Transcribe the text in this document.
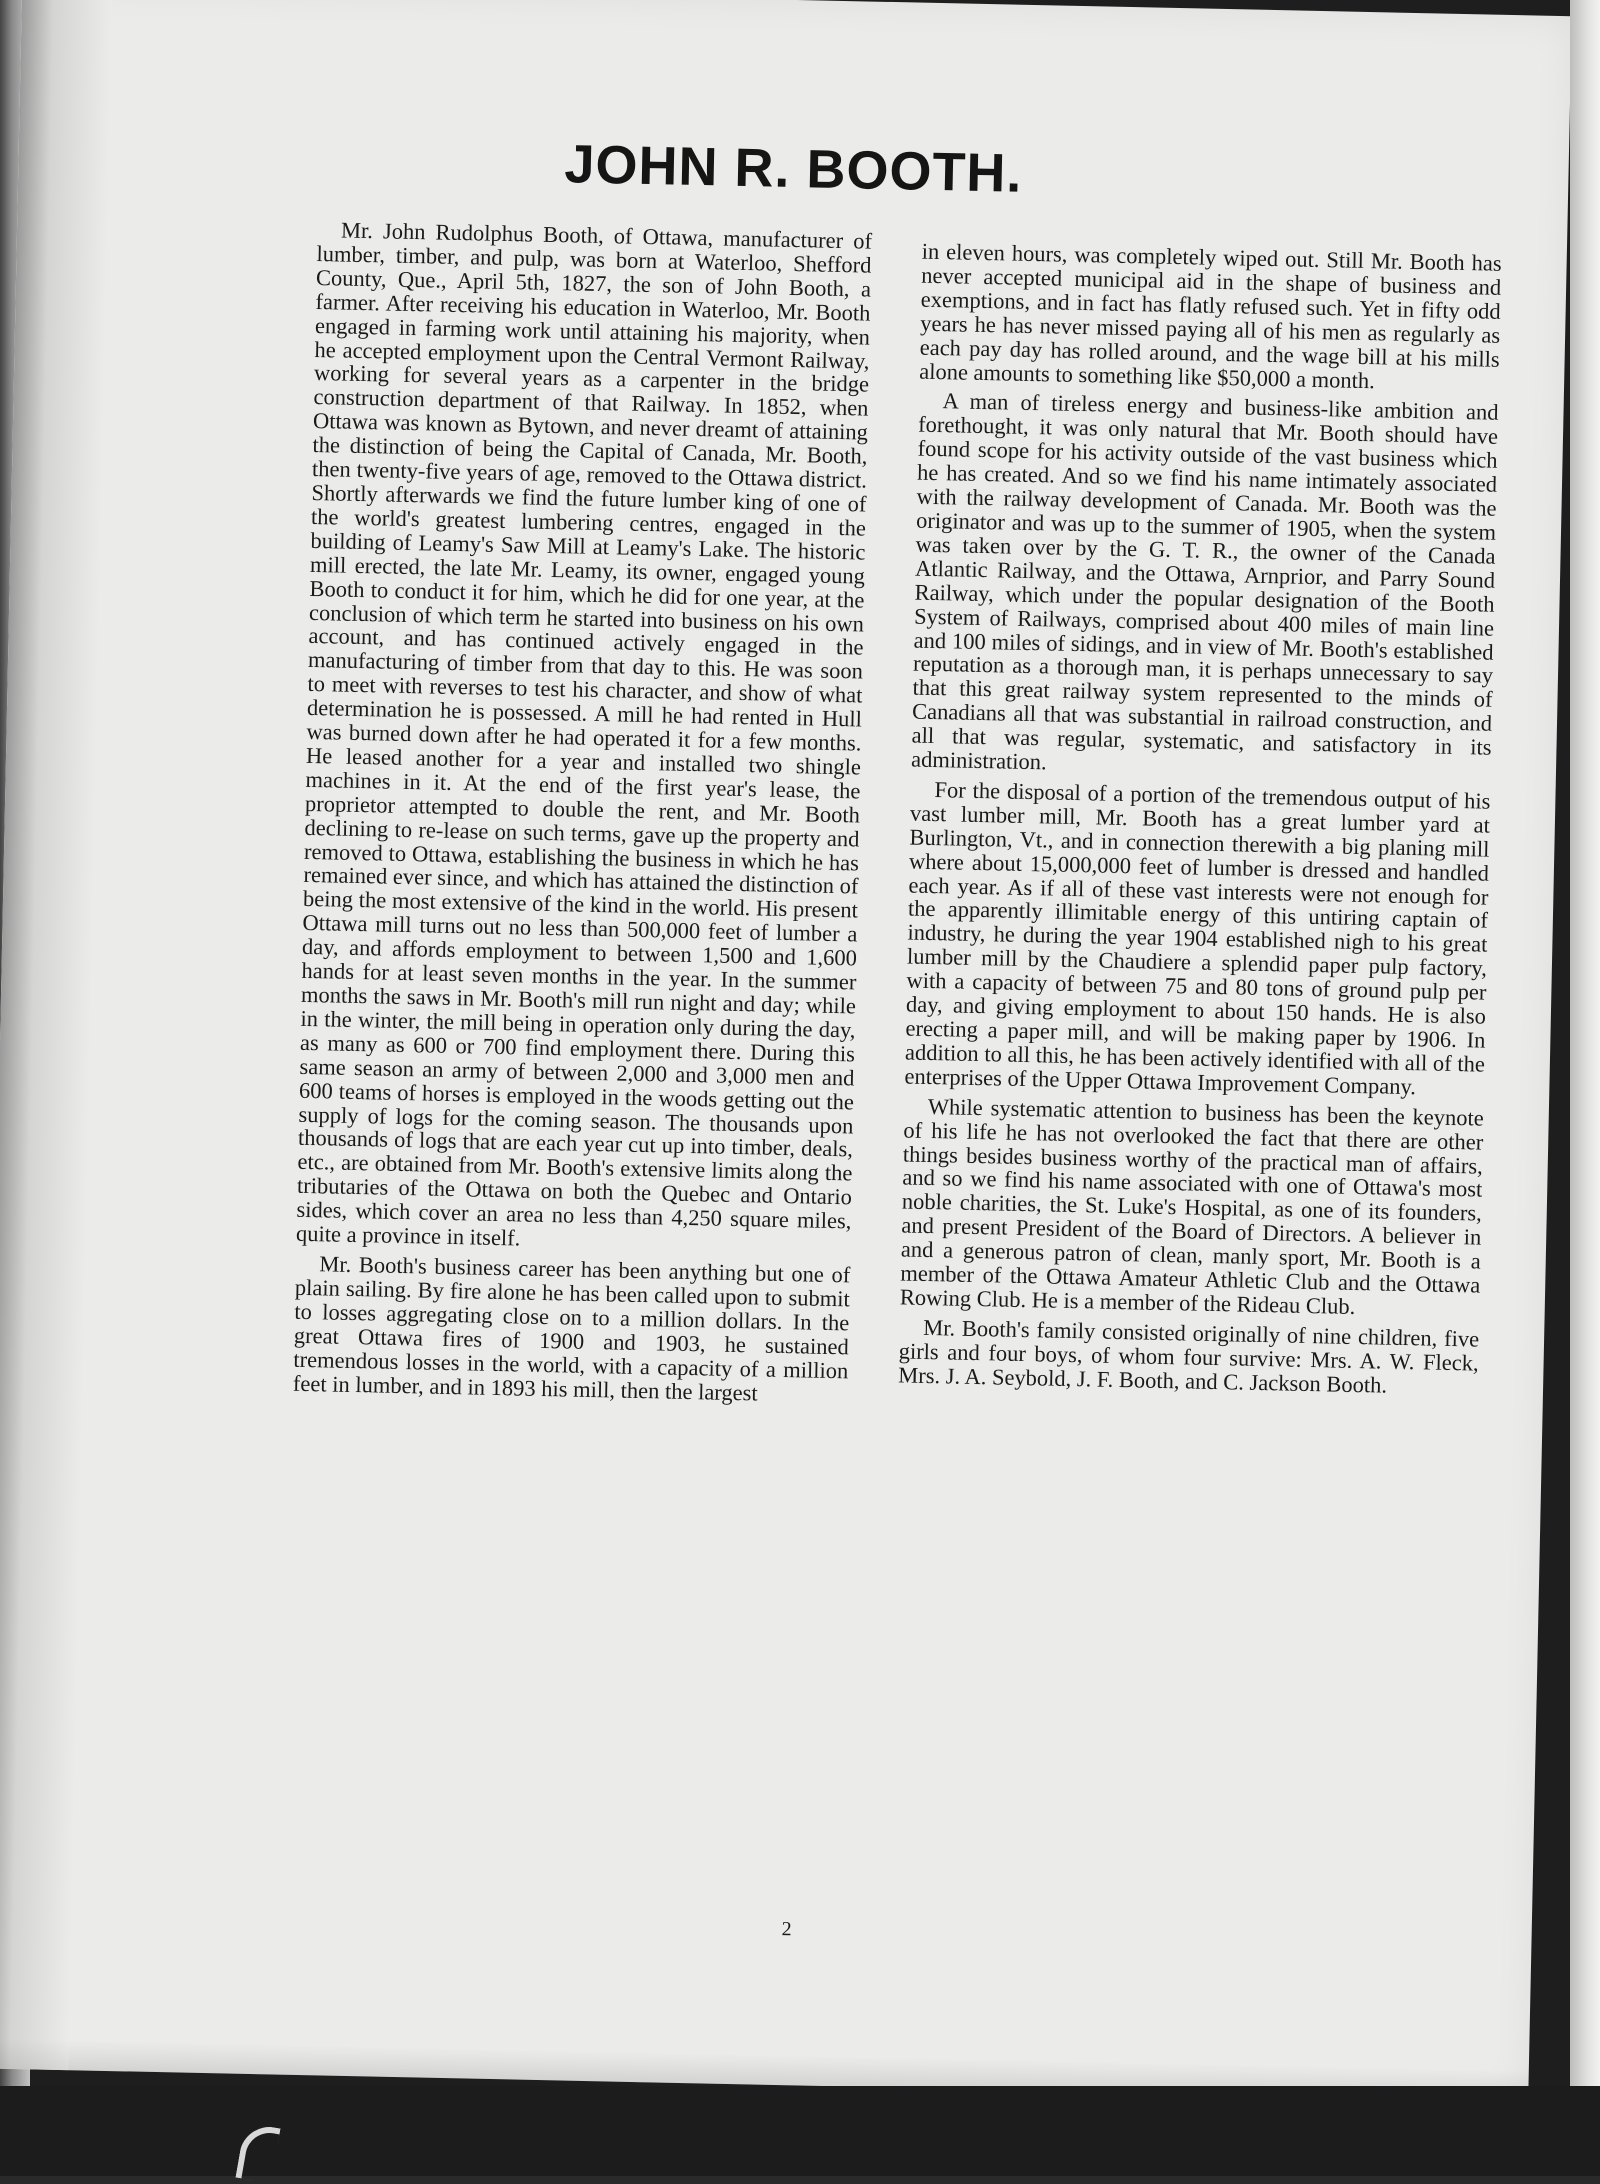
JOHN R. BOOTH.

Mr. John Rudolphus Booth, of Ottawa, manufacturer of lumber, timber, and pulp, was born at Waterloo, Shefford County, Que., April 5th, 1827, the son of John Booth, a farmer. After receiving his education in Waterloo, Mr. Booth engaged in farming work until attaining his majority, when he accepted employment upon the Central Vermont Railway, working for several years as a carpenter in the bridge construction department of that Railway. In 1852, when Ottawa was known as Bytown, and never dreamt of attaining the distinction of being the Capital of Canada, Mr. Booth, then twenty-five years of age, removed to the Ottawa district. Shortly afterwards we find the future lumber king of one of the world's greatest lumbering centres, engaged in the building of Leamy's Saw Mill at Leamy's Lake. The historic mill erected, the late Mr. Leamy, its owner, engaged young Booth to conduct it for him, which he did for one year, at the conclusion of which term he started into business on his own account, and has continued actively engaged in the manufacturing of timber from that day to this. He was soon to meet with reverses to test his character, and show of what determination he is possessed. A mill he had rented in Hull was burned down after he had operated it for a few months. He leased another for a year and installed two shingle machines in it. At the end of the first year's lease, the proprietor attempted to double the rent, and Mr. Booth declining to re-lease on such terms, gave up the property and removed to Ottawa, establishing the business in which he has remained ever since, and which has attained the distinction of being the most extensive of the kind in the world. His present Ottawa mill turns out no less than 500,000 feet of lumber a day, and affords employment to between 1,500 and 1,600 hands for at least seven months in the year. In the summer months the saws in Mr. Booth's mill run night and day; while in the winter, the mill being in operation only during the day, as many as 600 or 700 find employment there. During this same season an army of between 2,000 and 3,000 men and 600 teams of horses is employed in the woods getting out the supply of logs for the coming season. The thousands upon thousands of logs that are each year cut up into timber, deals, etc., are obtained from Mr. Booth's extensive limits along the tributaries of the Ottawa on both the Quebec and Ontario sides, which cover an area no less than 4,250 square miles, quite a province in itself.

Mr. Booth's business career has been anything but one of plain sailing. By fire alone he has been called upon to submit to losses aggregating close on to a million dollars. In the great Ottawa fires of 1900 and 1903, he sustained tremendous losses in the world, with a capacity of a million feet in lumber, and in 1893 his mill, then the largest

in eleven hours, was completely wiped out. Still Mr. Booth has never accepted municipal aid in the shape of business and exemptions, and in fact has flatly refused such. Yet in fifty odd years he has never missed paying all of his men as regularly as each pay day has rolled around, and the wage bill at his mills alone amounts to something like $50,000 a month.

A man of tireless energy and business-like ambition and forethought, it was only natural that Mr. Booth should have found scope for his activity outside of the vast business which he has created. And so we find his name intimately associated with the railway development of Canada. Mr. Booth was the originator and was up to the summer of 1905, when the system was taken over by the G. T. R., the owner of the Canada Atlantic Railway, and the Ottawa, Arnprior, and Parry Sound Railway, which under the popular designation of the Booth System of Railways, comprised about 400 miles of main line and 100 miles of sidings, and in view of Mr. Booth's established reputation as a thorough man, it is perhaps unnecessary to say that this great railway system represented to the minds of Canadians all that was substantial in railroad construction, and all that was regular, systematic, and satisfactory in its administration.

For the disposal of a portion of the tremendous output of his vast lumber mill, Mr. Booth has a great lumber yard at Burlington, Vt., and in connection therewith a big planing mill where about 15,000,000 feet of lumber is dressed and handled each year. As if all of these vast interests were not enough for the apparently illimitable energy of this untiring captain of industry, he during the year 1904 established nigh to his great lumber mill by the Chaudiere a splendid paper pulp factory, with a capacity of between 75 and 80 tons of ground pulp per day, and giving employment to about 150 hands. He is also erecting a paper mill, and will be making paper by 1906. In addition to all this, he has been actively identified with all of the enterprises of the Upper Ottawa Improvement Company.

While systematic attention to business has been the keynote of his life he has not overlooked the fact that there are other things besides business worthy of the practical man of affairs, and so we find his name associated with one of Ottawa's most noble charities, the St. Luke's Hospital, as one of its founders, and present President of the Board of Directors. A believer in and a generous patron of clean, manly sport, Mr. Booth is a member of the Ottawa Amateur Athletic Club and the Ottawa Rowing Club. He is a member of the Rideau Club.

Mr. Booth's family consisted originally of nine children, five girls and four boys, of whom four survive: Mrs. A. W. Fleck, Mrs. J. A. Seybold, J. F. Booth, and C. Jackson Booth.

2
